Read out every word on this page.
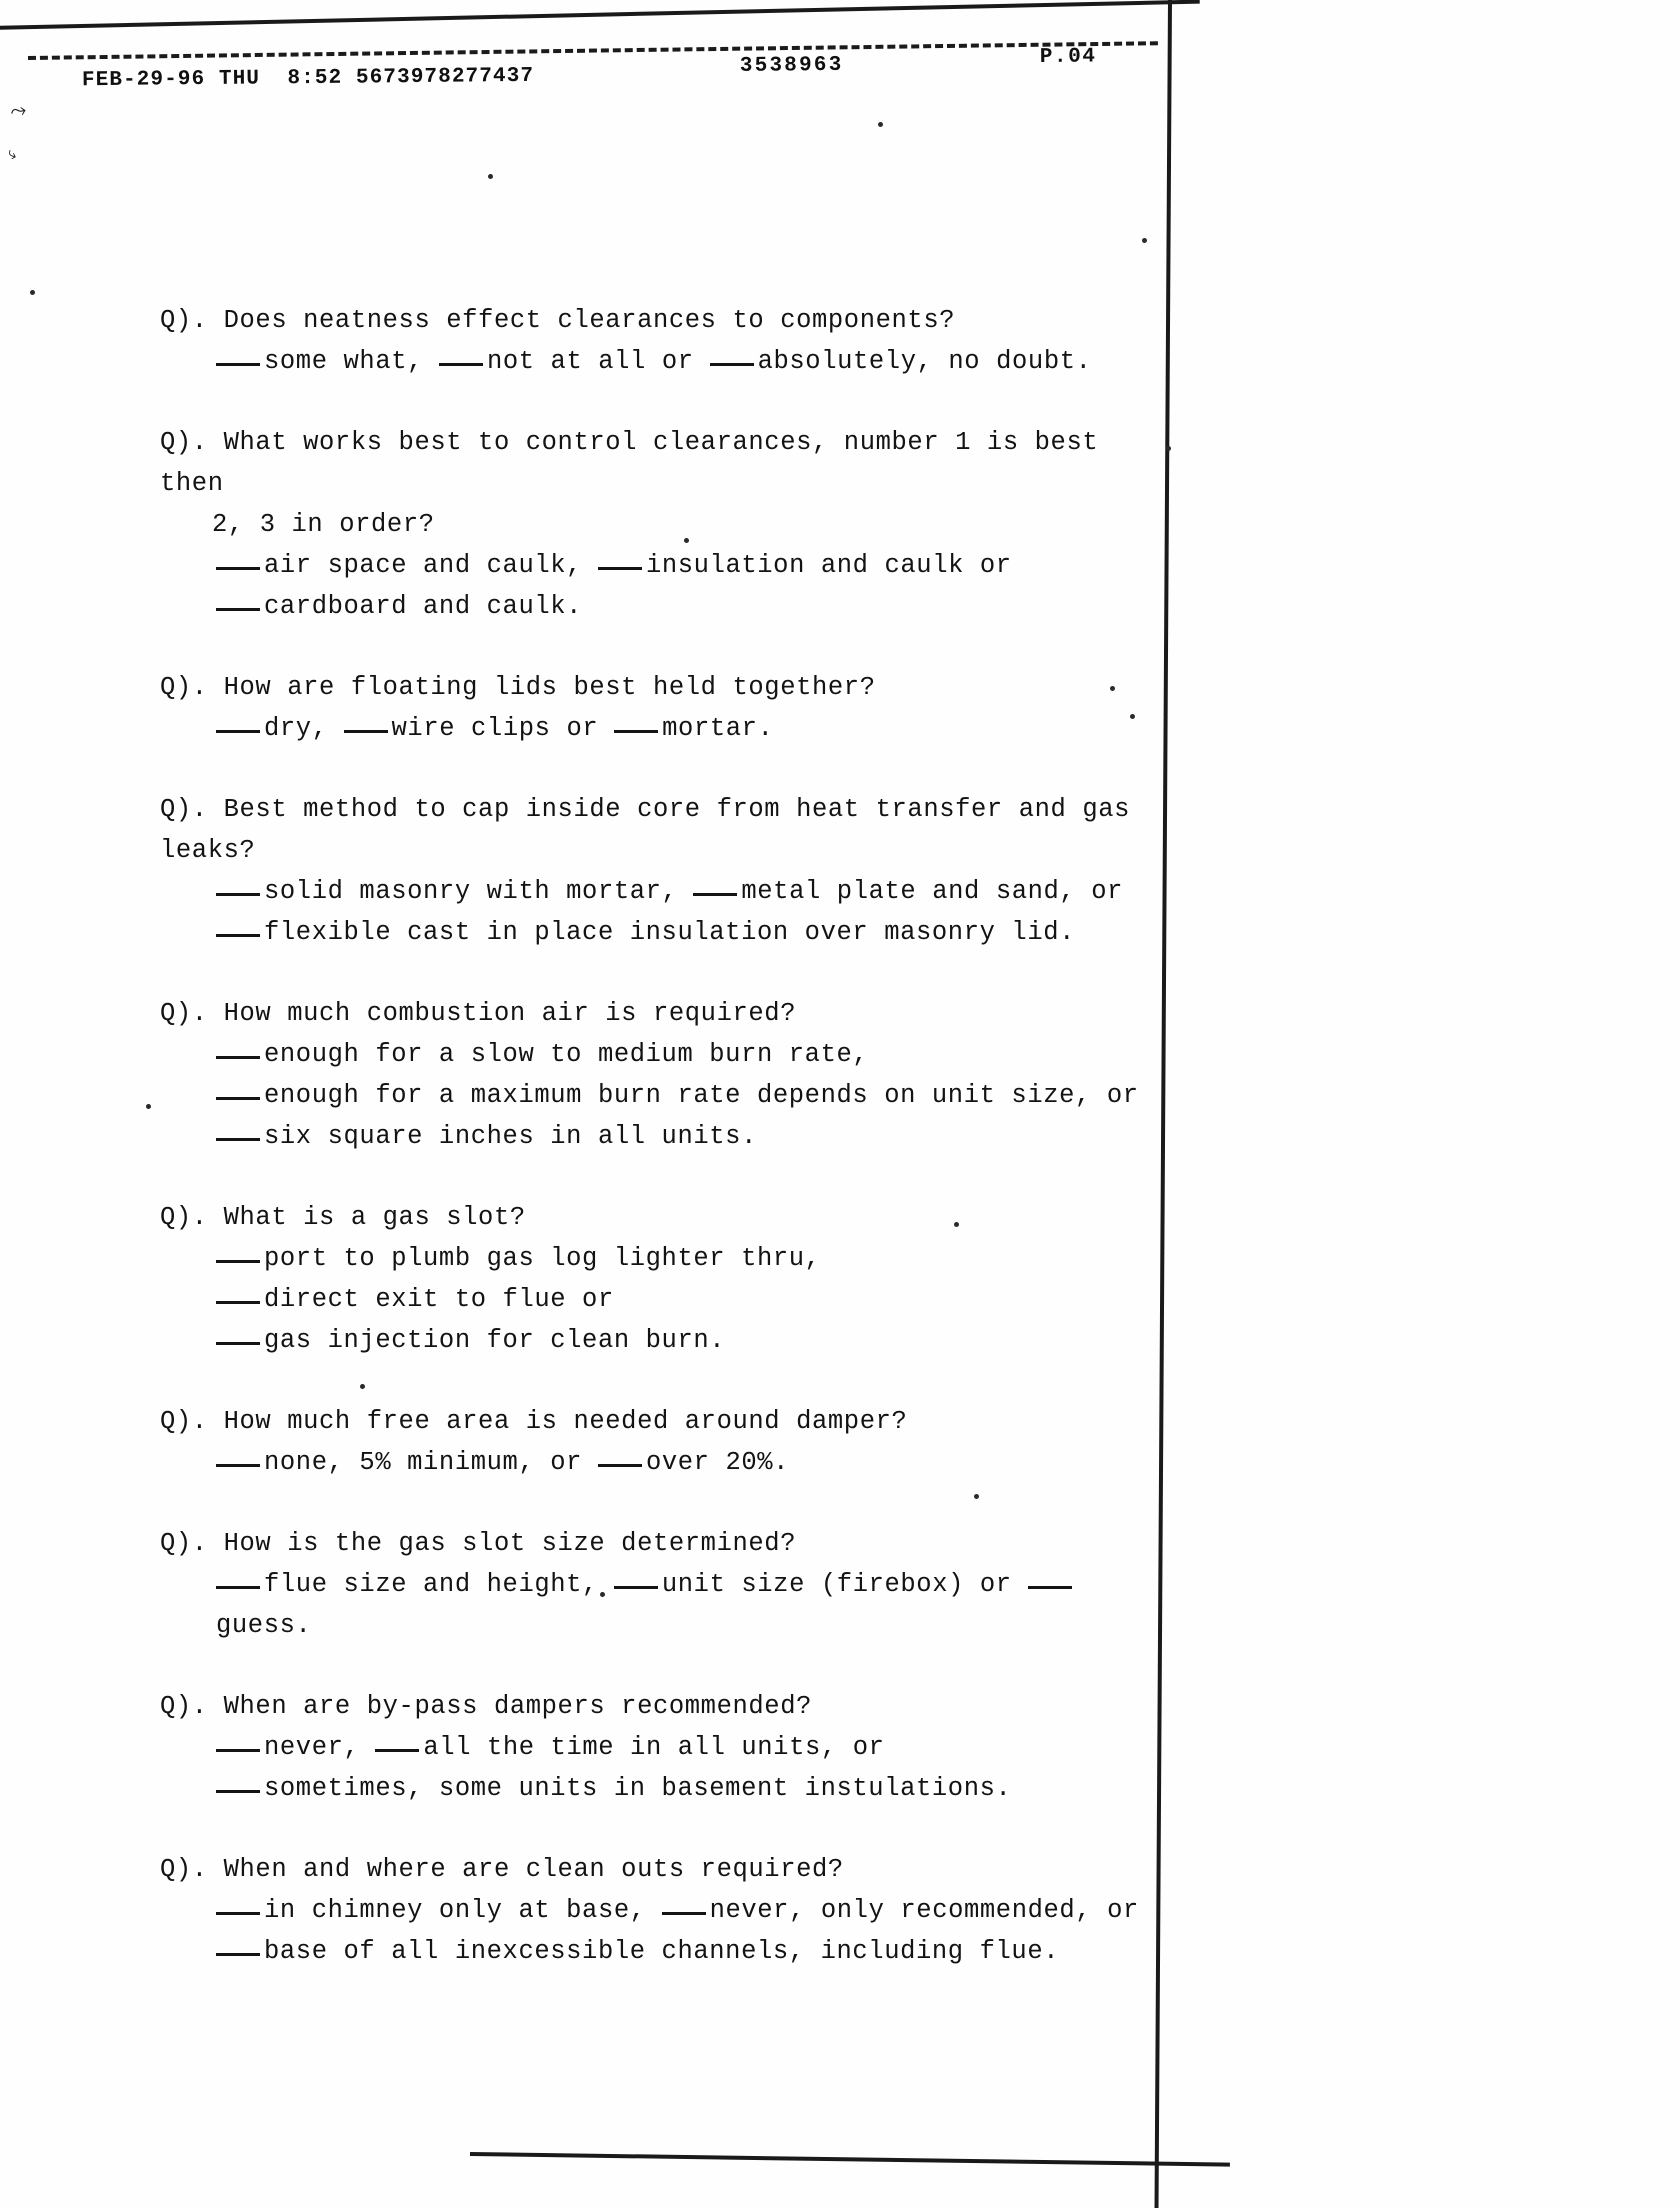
FEB-29-96 THU  8:52 5673978277437	3538963	P.04
⤳
⤷
Q). Does neatness effect clearances to components?
some what, not at all or absolutely, no doubt.
Q). What works best to control clearances, number 1 is best then
2, 3 in order?
air space and caulk, insulation and caulk or
cardboard and caulk.
Q). How are floating lids best held together?
dry, wire clips or mortar.
Q). Best method to cap inside core from heat transfer and gas leaks?
solid masonry with mortar, metal plate and sand, or
flexible cast in place insulation over masonry lid.
Q). How much combustion air is required?
enough for a slow to medium burn rate,
enough for a maximum burn rate depends on unit size, or
six square inches in all units.
Q). What is a gas slot?
port to plumb gas log lighter thru,
direct exit to flue or
gas injection for clean burn.
Q). How much free area is needed around damper?
none, 5% minimum, or over 20%.
Q). How is the gas slot size determined?
flue size and height, unit size (firebox) or guess.
Q). When are by-pass dampers recommended?
never, all the time in all units, or
sometimes, some units in basement instulations.
Q). When and where are clean outs required?
in chimney only at base, never, only recommended, or
base of all inexcessible channels, including flue.
